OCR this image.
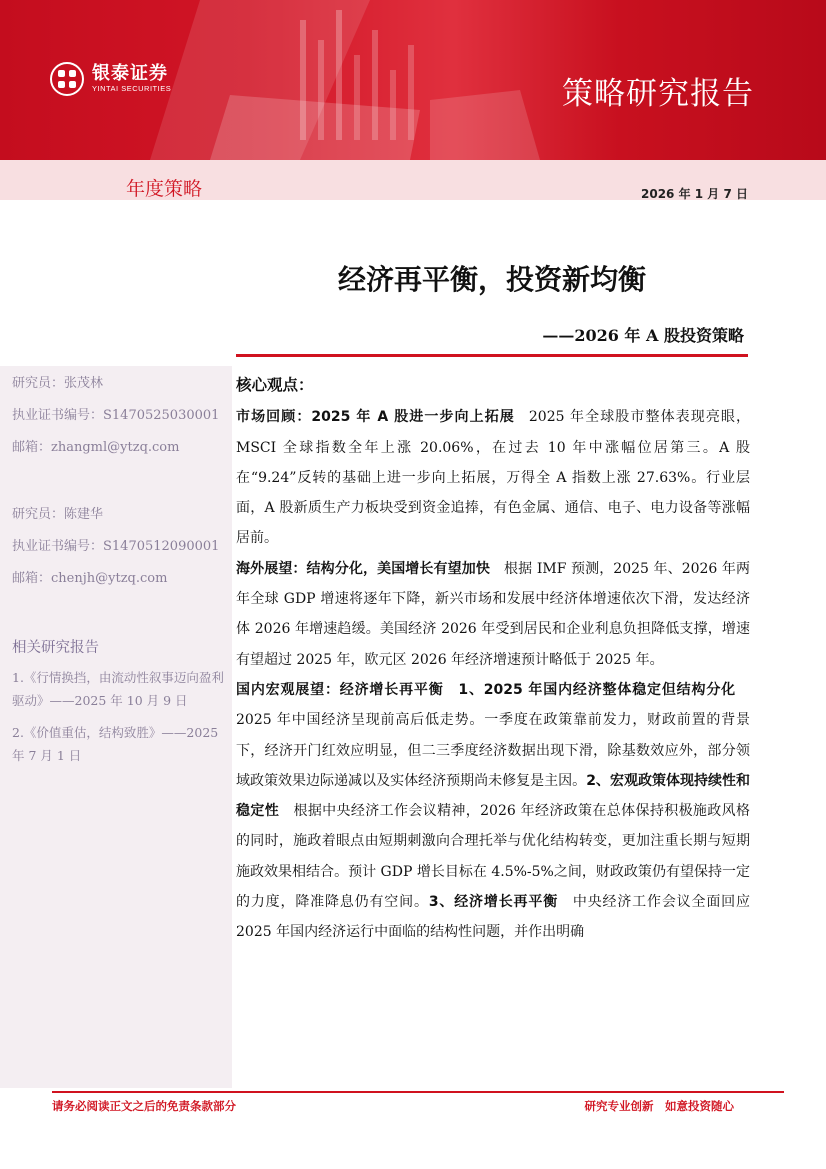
银泰证券
YINTAI SECURITIES	策略研究报告
年度策略	2026 年 1 月 7 日
经济再平衡，投资新均衡
——2026 年 A 股投资策略
研究员：张茂林
执业证书编号：S1470525030001
邮箱：zhangml@ytzq.com
研究员：陈建华
执业证书编号：S1470512090001
邮箱：chenjh@ytzq.com
相关研究报告
1.《行情换挡，由流动性叙事迈向盈利驱动》——2025 年 10 月 9 日
2.《价值重估，结构致胜》——2025 年 7 月 1 日
核心观点：

市场回顾：2025 年 A 股进一步向上拓展  2025 年全球股市整体表现亮眼，MSCI 全球指数全年上涨 20.06%，在过去 10 年中涨幅位居第三。A 股在“9.24”反转的基础上进一步向上拓展，万得全 A 指数上涨 27.63%。行业层面，A 股新质生产力板块受到资金追捧，有色金属、通信、电子、电力设备等涨幅居前。

海外展望：结构分化，美国增长有望加快  根据 IMF 预测，2025 年、2026 年两年全球 GDP 增速将逐年下降，新兴市场和发展中经济体增速依次下滑，发达经济体 2026 年增速趋缓。美国经济 2026 年受到居民和企业利息负担降低支撑，增速有望超过 2025 年，欧元区 2026 年经济增速预计略低于 2025 年。

国内宏观展望：经济增长再平衡　1、2025 年国内经济整体稳定但结构分化 2025 年中国经济呈现前高后低走势。一季度在政策靠前发力，财政前置的背景下，经济开门红效应明显，但二三季度经济数据出现下滑，除基数效应外，部分领域政策效果边际递减以及实体经济预期尚未修复是主因。2、宏观政策体现持续性和稳定性  根据中央经济工作会议精神，2026 年经济政策在总体保持积极施政风格的同时，施政着眼点由短期刺激向合理托举与优化结构转变，更加注重长期与短期施政效果相结合。预计 GDP 增长目标在 4.5%-5%之间，财政政策仍有望保持一定的力度，降准降息仍有空间。3、经济增长再平衡  中央经济工作会议全面回应 2025 年国内经济运行中面临的结构性问题，并作出明确

请务必阅读正文之后的免责条款部分	研究专业创新　如意投资随心
